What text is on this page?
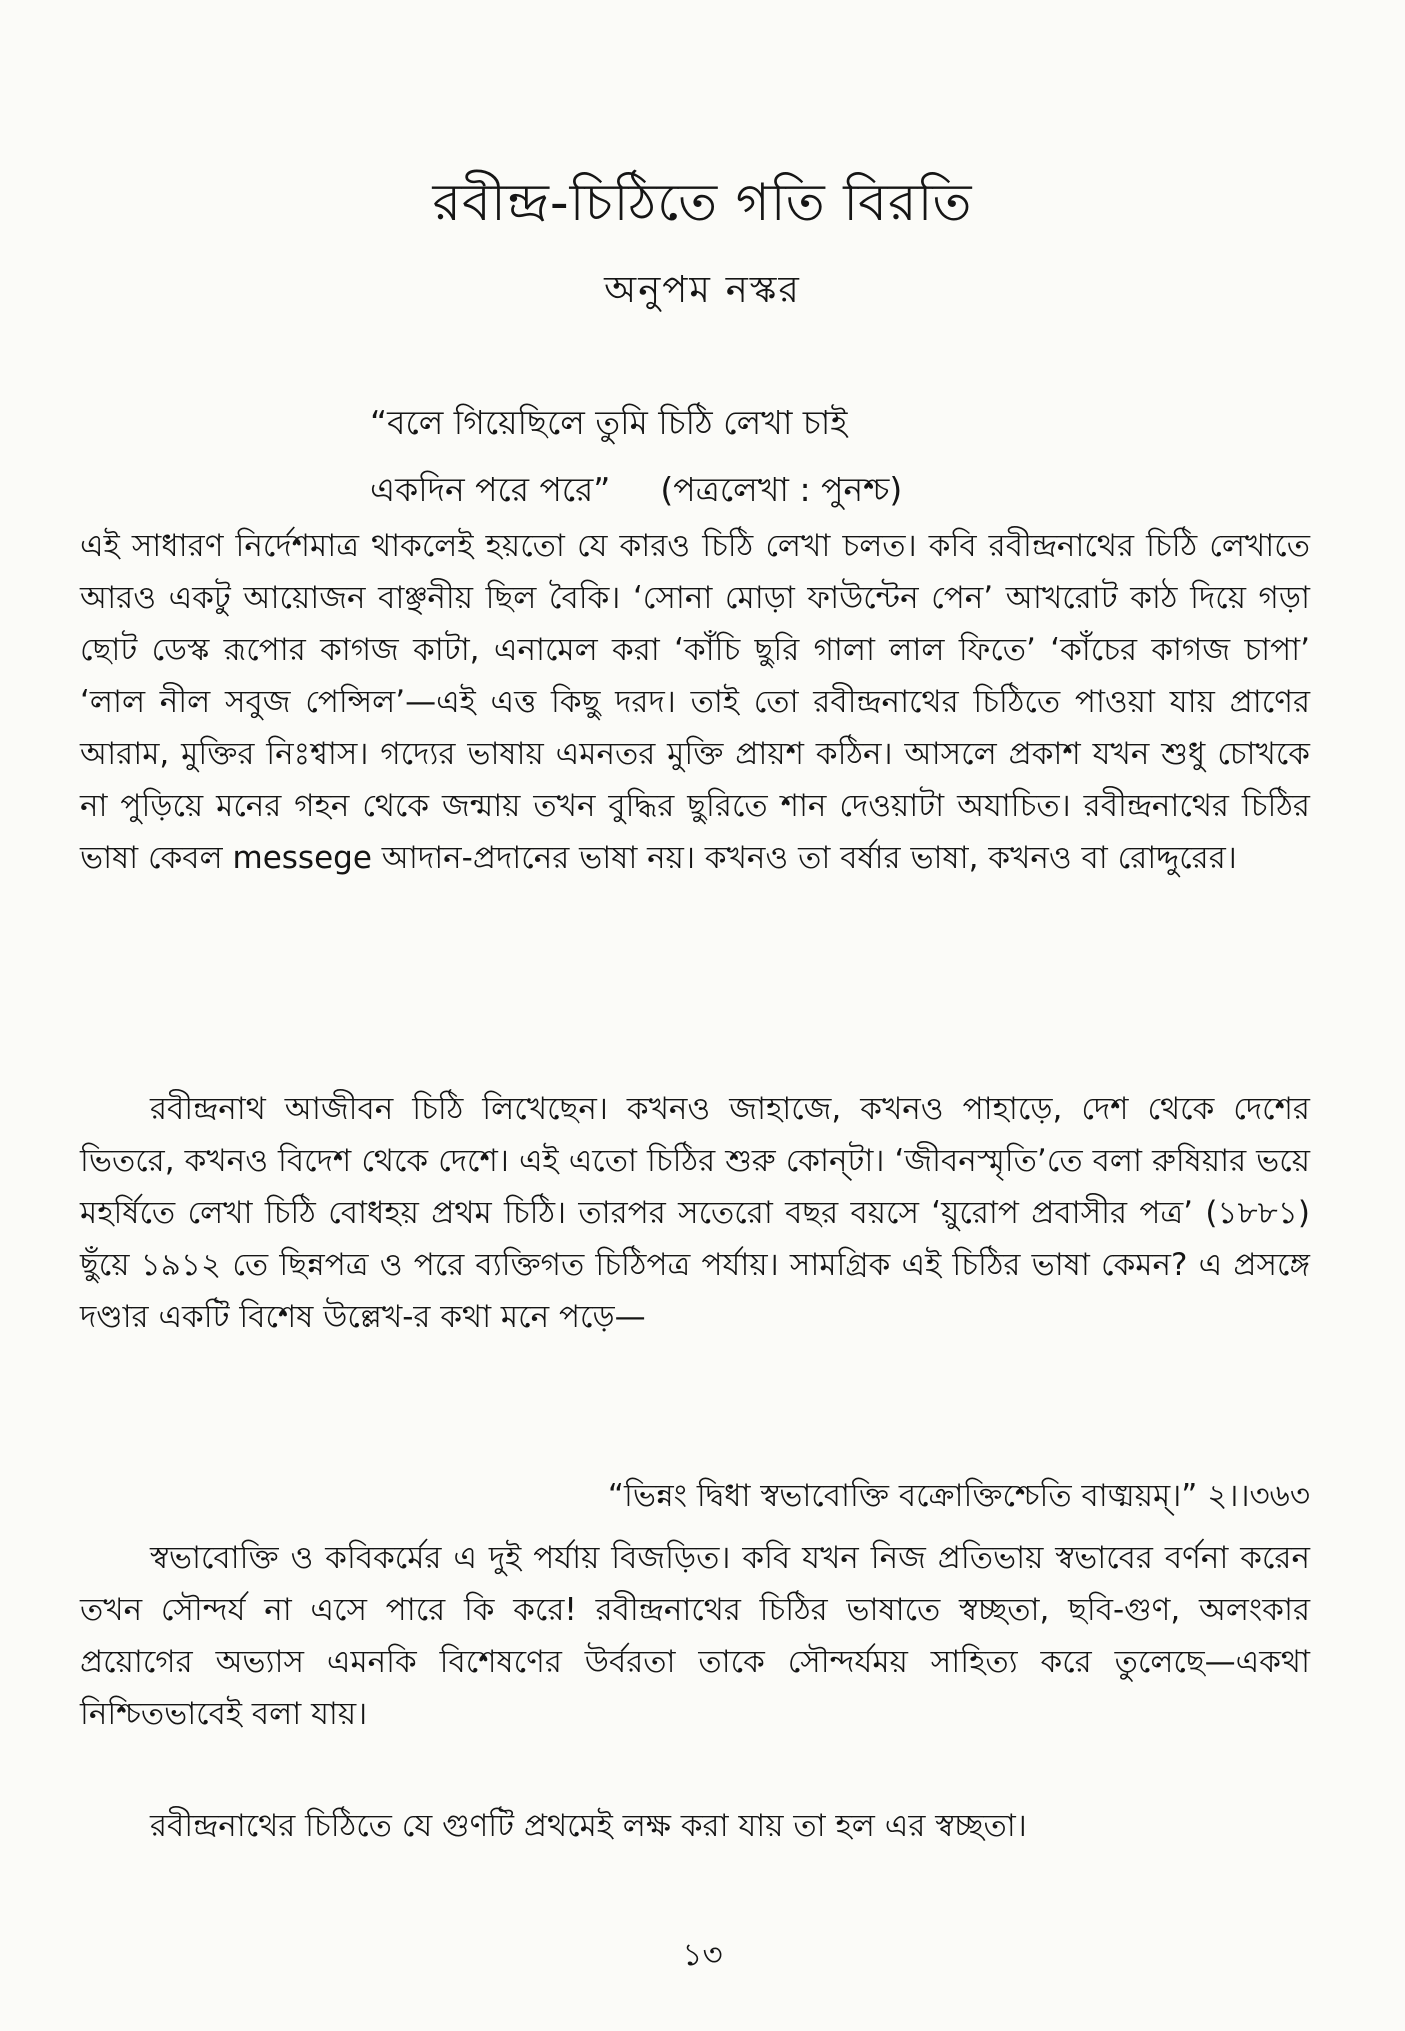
রবীন্দ্র-চিঠিতে গতি বিরতি
অনুপম নস্কর
“বলে গিয়েছিলে তুমি চিঠি লেখা চাই
একদিন পরে পরে” (পত্রলেখা : পুনশ্চ)
এই সাধারণ নির্দেশমাত্র থাকলেই হয়তো যে কারও চিঠি লেখা চলত। কবি রবীন্দ্রনাথের চিঠি লেখাতে আরও একটু আয়োজন বাঞ্ছনীয় ছিল বৈকি। ‘সোনা মোড়া ফাউন্টেন পেন’ আখরোট কাঠ দিয়ে গড়া ছোট ডেস্ক রূপোর কাগজ কাটা, এনামেল করা ‘কাঁচি ছুরি গালা লাল ফিতে’ ‘কাঁচের কাগজ চাপা’ ‘লাল নীল সবুজ পেন্সিল’—এই এত্ত কিছু দরদ। তাই তো রবীন্দ্রনাথের চিঠিতে পাওয়া যায় প্রাণের আরাম, মুক্তির নিঃশ্বাস। গদ্যের ভাষায় এমনতর মুক্তি প্রায়শ কঠিন। আসলে প্রকাশ যখন শুধু চোখকে না পুড়িয়ে মনের গহন থেকে জন্মায় তখন বুদ্ধির ছুরিতে শান দেওয়াটা অযাচিত। রবীন্দ্রনাথের চিঠির ভাষা কেবল messege আদান-প্রদানের ভাষা নয়। কখনও তা বর্ষার ভাষা, কখনও বা রোদ্দুরের।
রবীন্দ্রনাথ আজীবন চিঠি লিখেছেন। কখনও জাহাজে, কখনও পাহাড়ে, দেশ থেকে দেশের ভিতরে, কখনও বিদেশ থেকে দেশে। এই এতো চিঠির শুরু কোন্‌টা। ‘জীবনস্মৃতি’তে বলা রুষিয়ার ভয়ে মহর্ষিতে লেখা চিঠি বোধহয় প্রথম চিঠি। তারপর সতেরো বছর বয়সে ‘য়ুরোপ প্রবাসীর পত্র’ (১৮৮১) ছুঁয়ে ১৯১২ তে ছিন্নপত্র ও পরে ব্যক্তিগত চিঠিপত্র পর্যায়। সামগ্রিক এই চিঠির ভাষা কেমন? এ প্রসঙ্গে দণ্ডার একটি বিশেষ উল্লেখ-র কথা মনে পড়ে—
“ভিন্নং দ্বিধা স্বভাবোক্তি বক্রোক্তিশ্চেতি বাঙ্ময়ম্।” ২।।৩৬৩
স্বভাবোক্তি ও কবিকর্মের এ দুই পর্যায় বিজড়িত। কবি যখন নিজ প্রতিভায় স্বভাবের বর্ণনা করেন তখন সৌন্দর্য না এসে পারে কি করে! রবীন্দ্রনাথের চিঠির ভাষাতে স্বচ্ছতা, ছবি-গুণ, অলংকার প্রয়োগের অভ্যাস এমনকি বিশেষণের উর্বরতা তাকে সৌন্দর্যময় সাহিত্য করে তুলেছে—একথা নিশ্চিতভাবেই বলা যায়।
রবীন্দ্রনাথের চিঠিতে যে গুণটি প্রথমেই লক্ষ করা যায় তা হল এর স্বচ্ছতা।
১৩
